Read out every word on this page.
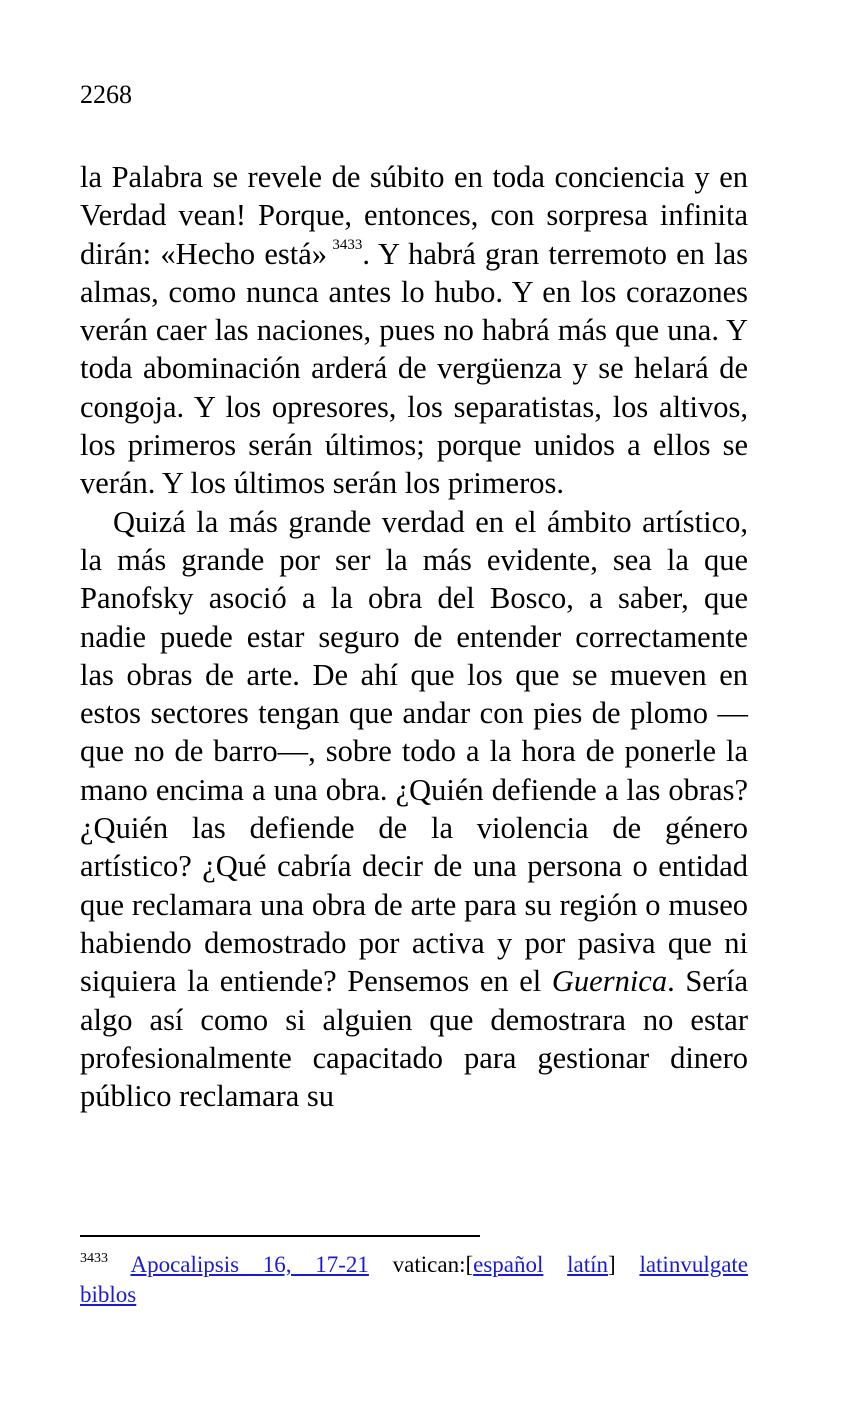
2268

la Palabra se revele de súbito en toda conciencia y en Verdad vean! Porque, entonces, con sorpresa infinita dirán: «Hecho está» $^{3433}$. Y habrá gran terremoto en las almas, como nunca antes lo hubo. Y en los corazones verán caer las naciones, pues no habrá más que una. Y toda abominación arderá de vergüenza y se helará de congoja. Y los opresores, los separatistas, los altivos, los primeros serán últimos; porque unidos a ellos se verán. Y los últimos serán los primeros.

Quizá la más grande verdad en el ámbito artístico, la más grande por ser la más evidente, sea la que Panofsky asoció a la obra del Bosco, a saber, que nadie puede estar seguro de entender correctamente las obras de arte. De ahí que los que se mueven en estos sectores tengan que andar con pies de plomo —que no de barro—, sobre todo a la hora de ponerle la mano encima a una obra. ¿Quién defiende a las obras? ¿Quién las defiende de la violencia de género artístico? ¿Qué cabría decir de una persona o entidad que reclamara una obra de arte para su región o museo habiendo demostrado por activa y por pasiva que ni siquiera la entiende? Pensemos en el Guernica. Sería algo así como si alguien que demostrara no estar profesionalmente capacitado para gestionar dinero público reclamara su

$^{3433}$ Apocalipsis 16, 17-21 vatican:[español latín] latinvulgate biblos
